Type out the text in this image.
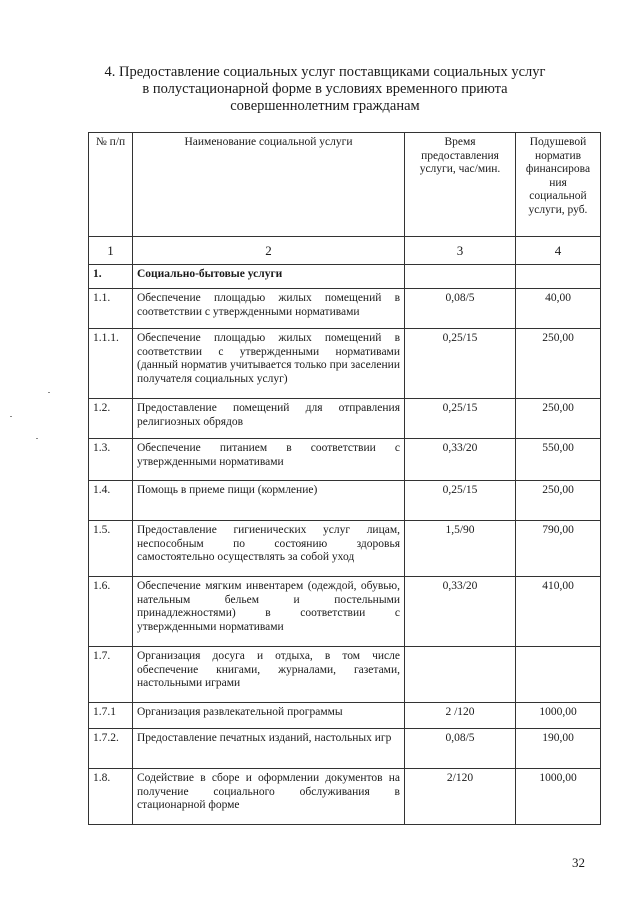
4. Предоставление социальных услуг поставщиками социальных услуг в полустационарной форме в условиях временного приюта совершеннолетним гражданам
№ п/п	Наименование социальной услуги	Время предоставления услуги, час/мин.	Подушевой норматив финансирова ния социальной услуги, руб.
1	2	3	4
1.	Социально-бытовые услуги		
1.1.	Обеспечение площадью жилых помещений в соответствии с утвержденными нормативами	0,08/5	40,00
1.1.1.	Обеспечение площадью жилых помещений в соответствии с утвержденными нормативами (данный норматив учитывается только при заселении получателя социальных услуг)	0,25/15	250,00
1.2.	Предоставление помещений для отправления религиозных обрядов	0,25/15	250,00
1.3.	Обеспечение питанием в соответствии с утвержденными нормативами	0,33/20	550,00
1.4.	Помощь в приеме пищи (кормление)	0,25/15	250,00
1.5.	Предоставление гигиенических услуг лицам, неспособным по состоянию здоровья самостоятельно осуществлять за собой уход	1,5/90	790,00
1.6.	Обеспечение мягким инвентарем (одеждой, обувью, нательным бельем и постельными принадлежностями) в соответствии с утвержденными нормативами	0,33/20	410,00
1.7.	Организация досуга и отдыха, в том числе обеспечение книгами, журналами, газетами, настольными играми		
1.7.1	Организация развлекательной программы	2 /120	1000,00
1.7.2.	Предоставление печатных изданий, настольных игр	0,08/5	190,00
1.8.	Содействие в сборе и оформлении документов на получение социального обслуживания в стационарной форме	2/120	1000,00
32
